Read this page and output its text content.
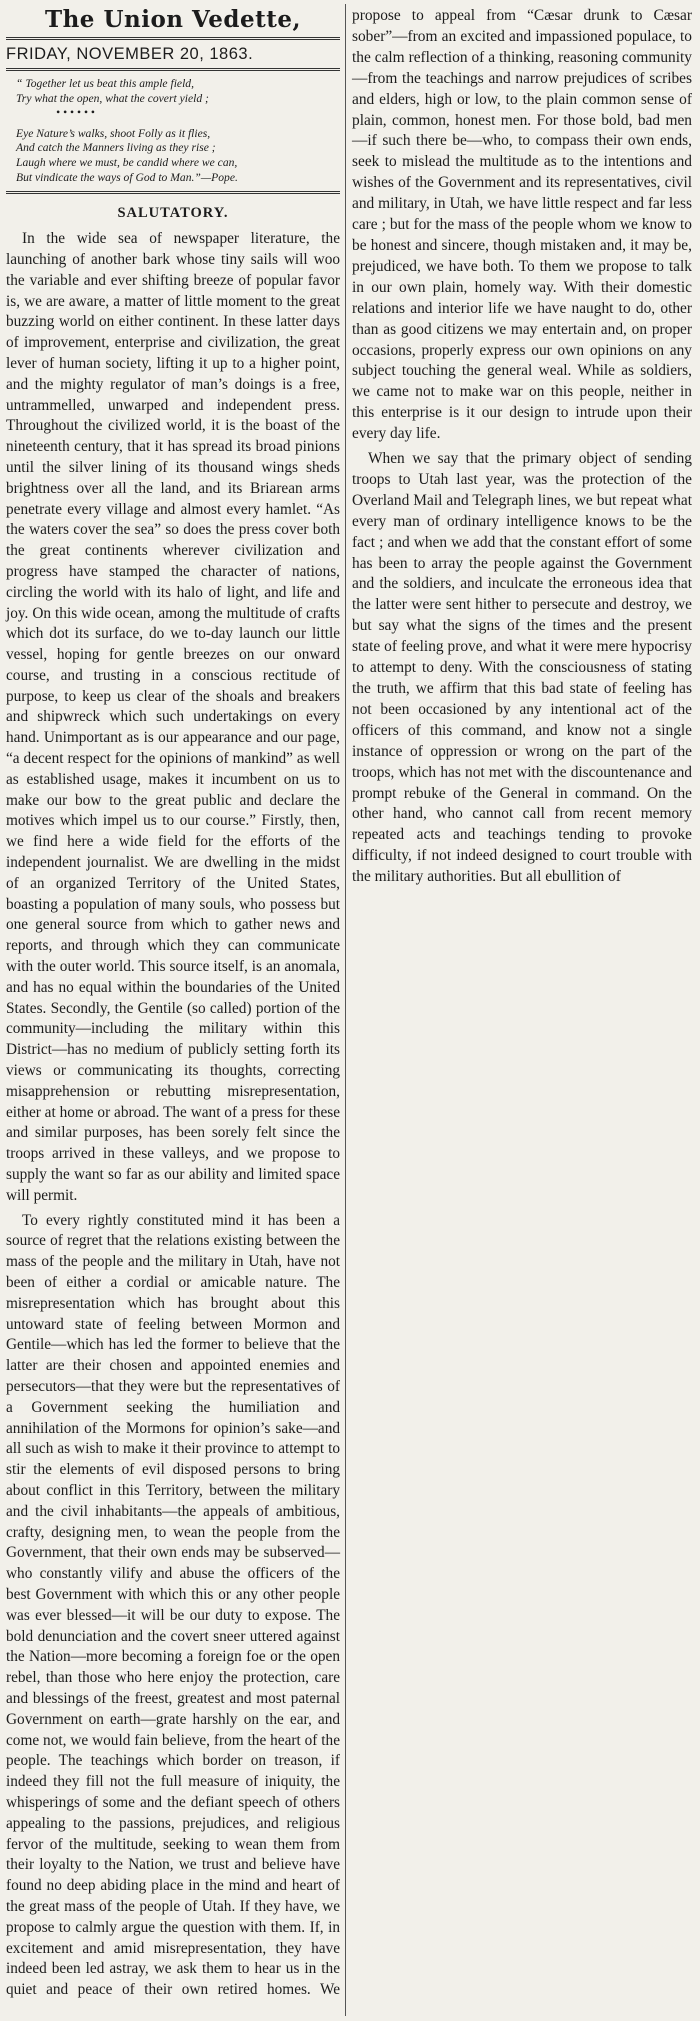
The Union Vedette,
FRIDAY, NOVEMBER 20, 1863.
“ Together let us beat this ample field,
Try what the open, what the covert yield ;
• • • • • •
Eye Nature’s walks, shoot Folly as it flies,
And catch the Manners living as they rise ;
Laugh where we must, be candid where we can,
But vindicate the ways of God to Man.”—Pope.
SALUTATORY.

In the wide sea of newspaper literature, the launching of another bark whose tiny sails will woo the variable and ever shifting breeze of popular favor is, we are aware, a matter of little moment to the great buzzing world on either continent. In these latter days of improvement, enterprise and civilization, the great lever of human society, lifting it up to a higher point, and the mighty regulator of man’s doings is a free, untrammelled, unwarped and independent press. Throughout the civilized world, it is the boast of the nineteenth century, that it has spread its broad pinions until the silver lining of its thousand wings sheds brightness over all the land, and its Briarean arms penetrate every village and almost every hamlet. “As the waters cover the sea” so does the press cover both the great continents wherever civilization and progress have stamped the character of nations, circling the world with its halo of light, and life and joy. On this wide ocean, among the multitude of crafts which dot its surface, do we to-day launch our little vessel, hoping for gentle breezes on our onward course, and trusting in a conscious rectitude of purpose, to keep us clear of the shoals and breakers and shipwreck which such undertakings on every hand. Unimportant as is our appearance and our page, “a decent respect for the opinions of mankind” as well as established usage, makes it incumbent on us to make our bow to the great public and declare the motives which impel us to our course.” Firstly, then, we find here a wide field for the efforts of the independent journalist. We are dwelling in the midst of an organized Territory of the United States, boasting a population of many souls, who possess but one general source from which to gather news and reports, and through which they can communicate with the outer world. This source itself, is an anomala, and has no equal within the boundaries of the United States. Secondly, the Gentile (so called) portion of the community—including the military within this District—has no medium of publicly setting forth its views or communicating its thoughts, correcting misapprehension or rebutting misrepresentation, either at home or abroad. The want of a press for these and similar purposes, has been sorely felt since the troops arrived in these valleys, and we propose to supply the want so far as our ability and limited space will permit.

To every rightly constituted mind it has been a source of regret that the relations existing between the mass of the people and the military in Utah, have not been of either a cordial or amicable nature. The misrepresentation which has brought about this untoward state of feeling between Mormon and Gentile—which has led the former to believe that the latter are their chosen and appointed enemies and persecutors—that they were but the representatives of a Government seeking the humiliation and annihilation of the Mormons for opinion’s sake—and all such as wish to make it their province to attempt to stir the elements of evil disposed persons to bring about conflict in this Territory, between the military and the civil inhabitants—the appeals of ambitious, crafty, designing men, to wean the people from the Government, that their own ends may be subserved—who constantly vilify and abuse the officers of the best Government with which this or any other people was ever blessed—it will be our duty to expose. The bold denunciation and the covert sneer uttered against the Nation—more becoming a foreign foe or the open rebel, than those who here enjoy the protection, care and blessings of the freest, greatest and most paternal Government on earth—grate harshly on the ear, and come not, we would fain believe, from the heart of the people. The teachings which border on treason, if indeed they fill not the full measure of iniquity, the whisperings of some and the defiant speech of others appealing to the passions, prejudices, and religious fervor of the multitude, seeking to wean them from their loyalty to the Nation, we trust and believe have found no deep abiding place in the mind and heart of the great mass of the people of Utah. If they have, we propose to calmly argue the question with them. If, in excitement and amid misrepresentation, they have indeed been led astray, we ask them to hear us in the quiet and peace of their own retired homes. We

propose to appeal from “Cæsar drunk to Cæsar sober”—from an excited and impassioned populace, to the calm reflection of a thinking, reasoning community—from the teachings and narrow prejudices of scribes and elders, high or low, to the plain common sense of plain, common, honest men. For those bold, bad men—if such there be—who, to compass their own ends, seek to mislead the multitude as to the intentions and wishes of the Government and its representatives, civil and military, in Utah, we have little respect and far less care ; but for the mass of the people whom we know to be honest and sincere, though mistaken and, it may be, prejudiced, we have both. To them we propose to talk in our own plain, homely way. With their domestic relations and interior life we have naught to do, other than as good citizens we may entertain and, on proper occasions, properly express our own opinions on any subject touching the general weal. While as soldiers, we came not to make war on this people, neither in this enterprise is it our design to intrude upon their every day life.

When we say that the primary object of sending troops to Utah last year, was the protection of the Overland Mail and Telegraph lines, we but repeat what every man of ordinary intelligence knows to be the fact ; and when we add that the constant effort of some has been to array the people against the Government and the soldiers, and inculcate the erroneous idea that the latter were sent hither to persecute and destroy, we but say what the signs of the times and the present state of feeling prove, and what it were mere hypocrisy to attempt to deny. With the consciousness of stating the truth, we affirm that this bad state of feeling has not been occasioned by any intentional act of the officers of this command, and know not a single instance of oppression or wrong on the part of the troops, which has not met with the discountenance and prompt rebuke of the General in command. On the other hand, who cannot call from recent memory repeated acts and teachings tending to provoke difficulty, if not indeed designed to court trouble with the military authorities. But all ebullition of
